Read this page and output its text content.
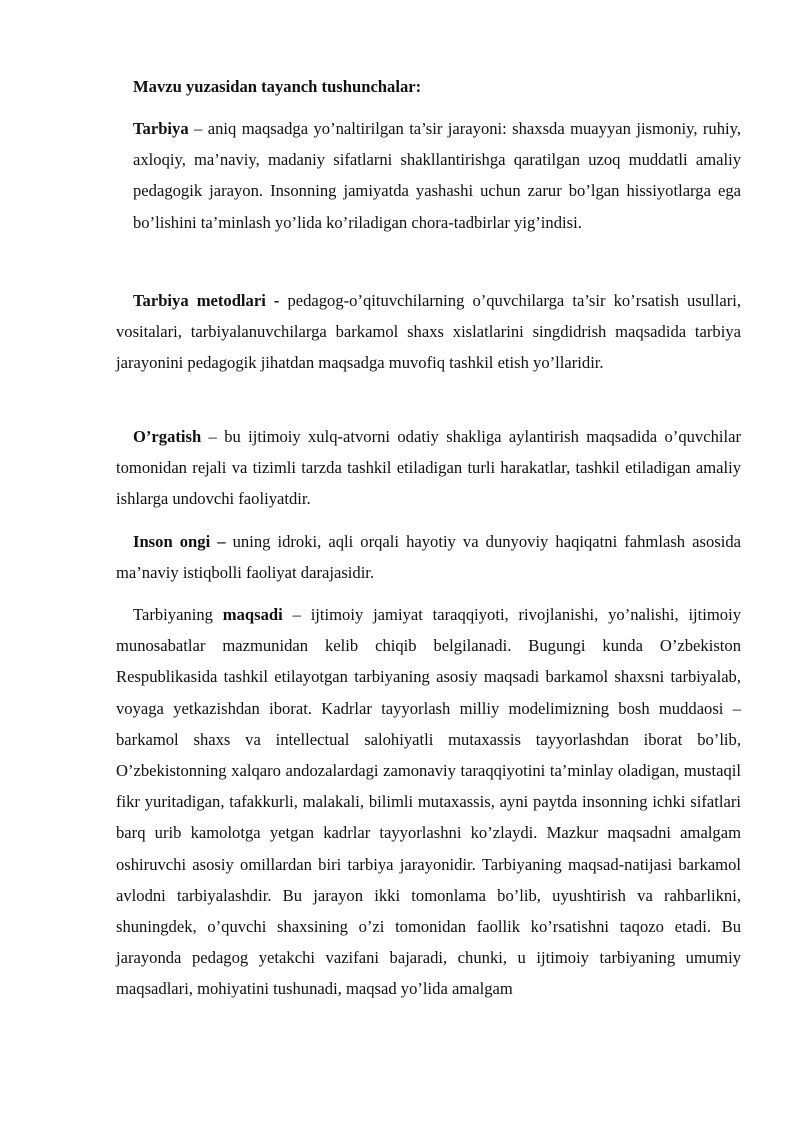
Mavzu yuzasidan tayanch tushunchalar:

Tarbiya – aniq maqsadga yo’naltirilgan ta’sir jarayoni: shaxsda muayyan jismoniy, ruhiy, axloqiy, ma’naviy, madaniy sifatlarni shakllantirishga qaratilgan uzoq muddatli amaliy pedagogik jarayon. Insonning jamiyatda yashashi uchun zarur bo’lgan hissiyotlarga ega bo’lishini ta’minlash yo’lida ko’riladigan chora-tadbirlar yig’indisi.

Tarbiya metodlari - pedagog-o’qituvchilarning o’quvchilarga ta’sir ko’rsatish usullari, vositalari, tarbiyalanuvchilarga barkamol shaxs xislatlarini singdidrish maqsadida tarbiya jarayonini pedagogik jihatdan maqsadga muvofiq tashkil etish yo’llaridir.

O’rgatish – bu ijtimoiy xulq-atvorni odatiy shakliga aylantirish maqsadida o’quvchilar tomonidan rejali va tizimli tarzda tashkil etiladigan turli harakatlar, tashkil etiladigan amaliy ishlarga undovchi faoliyatdir.

Inson ongi – uning idroki, aqli orqali hayotiy va dunyoviy haqiqatni fahmlash asosida ma’naviy istiqbolli faoliyat darajasidir.

Tarbiyaning maqsadi – ijtimoiy jamiyat taraqqiyoti, rivojlanishi, yo’nalishi, ijtimoiy munosabatlar mazmunidan kelib chiqib belgilanadi. Bugungi kunda O’zbekiston Respublikasida tashkil etilayotgan tarbiyaning asosiy maqsadi barkamol shaxsni tarbiyalab, voyaga yetkazishdan iborat. Kadrlar tayyorlash milliy modelimizning bosh muddaosi – barkamol shaxs va intellectual salohiyatli mutaxassis tayyorlashdan iborat bo’lib, O’zbekistonning xalqaro andozalardagi zamonaviy taraqqiyotini ta’minlay oladigan, mustaqil fikr yuritadigan, tafakkurli, malakali, bilimli mutaxassis, ayni paytda insonning ichki sifatlari barq urib kamolotga yetgan kadrlar tayyorlashni ko’zlaydi. Mazkur maqsadni amalgam oshiruvchi asosiy omillardan biri tarbiya jarayonidir. Tarbiyaning maqsad-natijasi barkamol avlodni tarbiyalashdir. Bu jarayon ikki tomonlama bo’lib, uyushtirish va rahbarlikni, shuningdek, o’quvchi shaxsining o’zi tomonidan faollik ko’rsatishni taqozo etadi. Bu jarayonda pedagog yetakchi vazifani bajaradi, chunki, u ijtimoiy tarbiyaning umumiy maqsadlari, mohiyatini tushunadi, maqsad yo’lida amalgam
